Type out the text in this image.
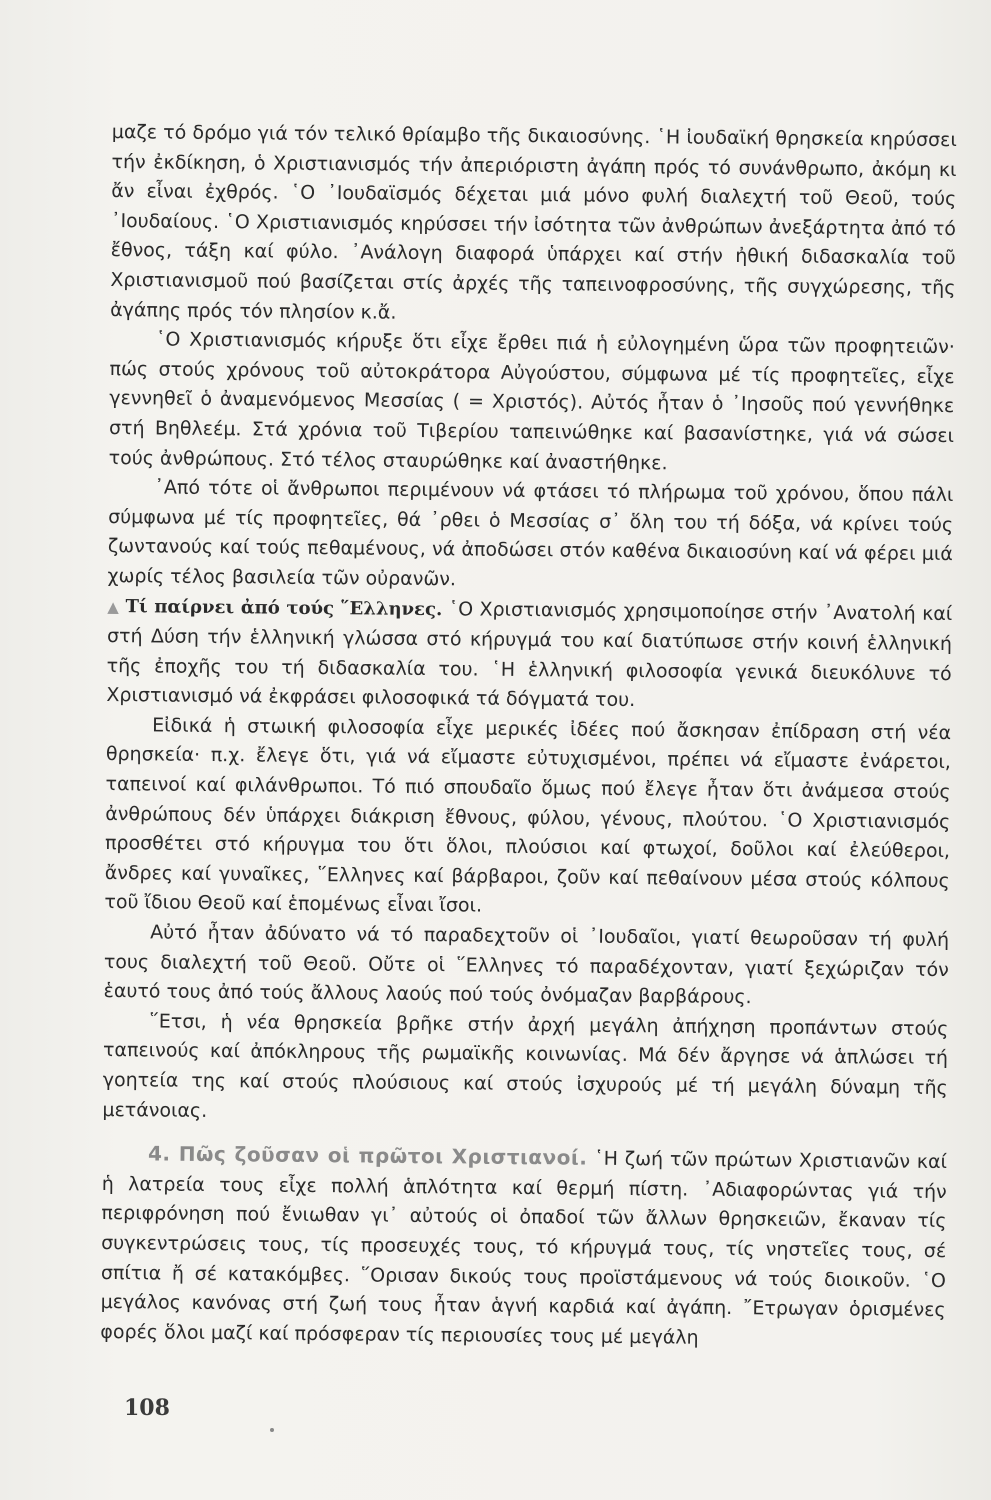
μαζε τό δρόμο γιά τόν τελικό θρίαμβο τῆς δικαιοσύνης. ῾Η ἰουδαϊκή θρησκεία κηρύσσει τήν ἐκδίκηση, ὁ Χριστιανισμός τήν ἀπεριόριστη ἀγάπη πρός τό συνάνθρωπο, ἀκόμη κι ἄν εἶναι ἐχθρός. ῾Ο ᾿Ιουδαϊσμός δέχεται μιά μόνο φυλή διαλεχτή τοῦ Θεοῦ, τούς ᾿Ιουδαίους. ῾Ο Χριστιανισμός κηρύσσει τήν ἰσότητα τῶν ἀνθρώπων ἀνεξάρτητα ἀπό τό ἔθνος, τάξη καί φύλο. ᾿Ανάλογη διαφορά ὑπάρχει καί στήν ἠθική διδασκαλία τοῦ Χριστιανισμοῦ πού βασίζεται στίς ἀρχές τῆς ταπεινοφροσύνης, τῆς συγχώρεσης, τῆς ἀγάπης πρός τόν πλησίον κ.ἄ.

῾Ο Χριστιανισμός κήρυξε ὅτι εἶχε ἔρθει πιά ἡ εὐλογημένη ὥρα τῶν προφητειῶν· πώς στούς χρόνους τοῦ αὐτοκράτορα Αὐγούστου, σύμφωνα μέ τίς προφητεῖες, εἶχε γεννηθεῖ ὁ ἀναμενόμενος Μεσσίας ( = Χριστός). Αὐτός ἦταν ὁ ᾿Ιησοῦς πού γεννήθηκε στή Βηθλεέμ. Στά χρόνια τοῦ Τιβερίου ταπεινώθηκε καί βασανίστηκε, γιά νά σώσει τούς ἀνθρώπους. Στό τέλος σταυρώθηκε καί ἀναστήθηκε.

᾿Από τότε οἱ ἄνθρωποι περιμένουν νά φτάσει τό πλήρωμα τοῦ χρόνου, ὅπου πάλι σύμφωνα μέ τίς προφητεῖες, θά ᾿ρθει ὁ Μεσσίας σ᾿ ὅλη του τή δόξα, νά κρίνει τούς ζωντανούς καί τούς πεθαμένους, νά ἀποδώσει στόν καθένα δικαιοσύνη καί νά φέρει μιά χωρίς τέλος βασιλεία τῶν οὐρανῶν.

▲ Τί παίρνει ἀπό τούς ῞Ελληνες. ῾Ο Χριστιανισμός χρησιμοποίησε στήν ᾿Ανατολή καί στή Δύση τήν ἑλληνική γλώσσα στό κήρυγμά του καί διατύπωσε στήν κοινή ἑλληνική τῆς ἐποχῆς του τή διδασκαλία του. ῾Η ἑλληνική φιλοσοφία γενικά διευκόλυνε τό Χριστιανισμό νά ἐκφράσει φιλοσοφικά τά δόγματά του.

Εἰδικά ἡ στωική φιλοσοφία εἶχε μερικές ἰδέες πού ἄσκησαν ἐπίδραση στή νέα θρησκεία· π.χ. ἔλεγε ὅτι, γιά νά εἴμαστε εὐτυχισμένοι, πρέπει νά εἴμαστε ἐνάρετοι, ταπεινοί καί φιλάνθρωποι. Τό πιό σπουδαῖο ὅμως πού ἔλεγε ἦταν ὅτι ἀνάμεσα στούς ἀνθρώπους δέν ὑπάρχει διάκριση ἔθνους, φύλου, γένους, πλούτου. ῾Ο Χριστιανισμός προσθέτει στό κήρυγμα του ὅτι ὅλοι, πλούσιοι καί φτωχοί, δοῦλοι καί ἐλεύθεροι, ἄνδρες καί γυναῖκες, ῞Ελληνες καί βάρβαροι, ζοῦν καί πεθαίνουν μέσα στούς κόλπους τοῦ ἴδιου Θεοῦ καί ἑπομένως εἶναι ἴσοι.

Αὐτό ἦταν ἀδύνατο νά τό παραδεχτοῦν οἱ ᾿Ιουδαῖοι, γιατί θεωροῦσαν τή φυλή τους διαλεχτή τοῦ Θεοῦ. Οὔτε οἱ ῞Ελληνες τό παραδέχονταν, γιατί ξεχώριζαν τόν ἑαυτό τους ἀπό τούς ἄλλους λαούς πού τούς ὀνόμαζαν βαρβάρους.

῞Ετσι, ἡ νέα θρησκεία βρῆκε στήν ἀρχή μεγάλη ἀπήχηση προπάντων στούς ταπεινούς καί ἀπόκληρους τῆς ρωμαϊκῆς κοινωνίας. Μά δέν ἄργησε νά ἁπλώσει τή γοητεία της καί στούς πλούσιους καί στούς ἰσχυρούς μέ τή μεγάλη δύναμη τῆς μετάνοιας.

4. Πῶς ζοῦσαν οἱ πρῶτοι Χριστιανοί. ῾Η ζωή τῶν πρώτων Χριστιανῶν καί ἡ λατρεία τους εἶχε πολλή ἁπλότητα καί θερμή πίστη. ᾿Αδιαφορώντας γιά τήν περιφρόνηση πού ἔνιωθαν γι᾿ αὐτούς οἱ ὀπαδοί τῶν ἄλλων θρησκειῶν, ἔκαναν τίς συγκεντρώσεις τους, τίς προσευχές τους, τό κήρυγμά τους, τίς νηστεῖες τους, σέ σπίτια ἤ σέ κατακόμβες. ῞Ορισαν δικούς τους προϊστάμενους νά τούς διοικοῦν. ῾Ο μεγάλος κανόνας στή ζωή τους ἦταν ἁγνή καρδιά καί ἀγάπη. ῎Ετρωγαν ὁρισμένες φορές ὅλοι μαζί καί πρόσφεραν τίς περιουσίες τους μέ μεγάλη

108
